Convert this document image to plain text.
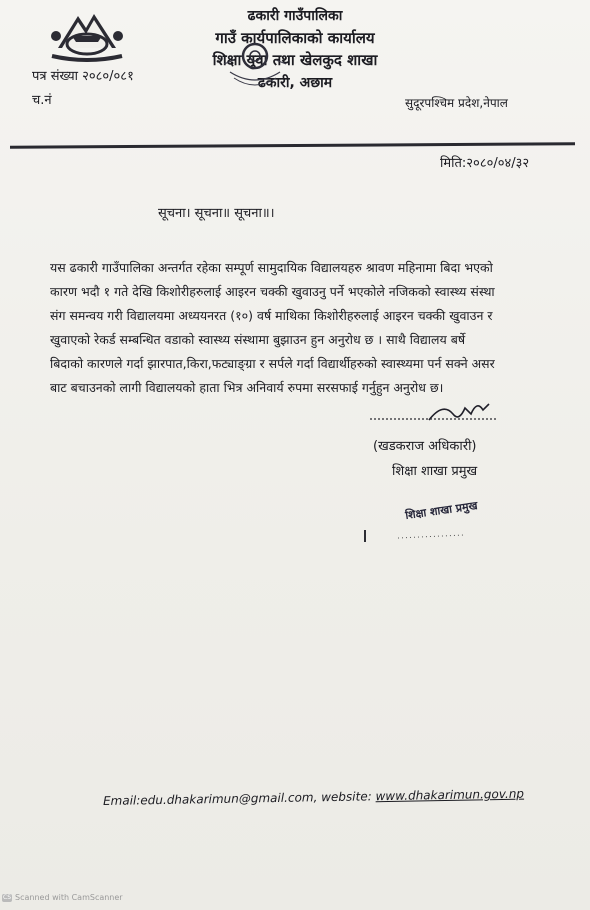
ढकारी गाउँपालिका
गाउँ कार्यपालिकाको कार्यालय
शिक्षा युवा तथा खेलकुद शाखा
ढकारी, अछाम
पत्र संख्या २०८०/०८१
च.नं	सुदूरपश्चिम प्रदेश,नेपाल
मिति:२०८०/०४/३२
सूचना। सूचना॥ सूचना॥।
यस ढकारी गाउँपालिका अन्तर्गत रहेका सम्पूर्ण सामुदायिक विद्यालयहरु श्रावण महिनामा बिदा भएको
कारण भदौ १ गते देखि किशोरीहरुलाई आइरन चक्की खुवाउनु पर्ने भएकोले नजिकको स्वास्थ्य संस्था
संग समन्वय गरी विद्यालयमा अध्ययनरत (१०) वर्ष माथिका किशोरीहरुलाई आइरन चक्की खुवाउन र
खुवाएको रेकर्ड सम्बन्धित वडाको स्वास्थ्य संस्थामा बुझाउन हुन अनुरोध छ । साथै विद्यालय बर्षे
बिदाको कारणले गर्दा झारपात,किरा,फट्याङ्ग्रा र सर्पले गर्दा विद्यार्थीहरुको स्वास्थ्यमा पर्न सक्ने असर
बाट बचाउनको लागी विद्यालयको हाता भित्र अनिवार्य रुपमा सरसफाई गर्नुहुन अनुरोध छ।
(खडकराज अधिकारी)
शिक्षा शाखा प्रमुख
शिक्षा शाखा प्रमुख
Email:edu.dhakarimun@gmail.com, website: www.dhakarimun.gov.np
CS Scanned with CamScanner
